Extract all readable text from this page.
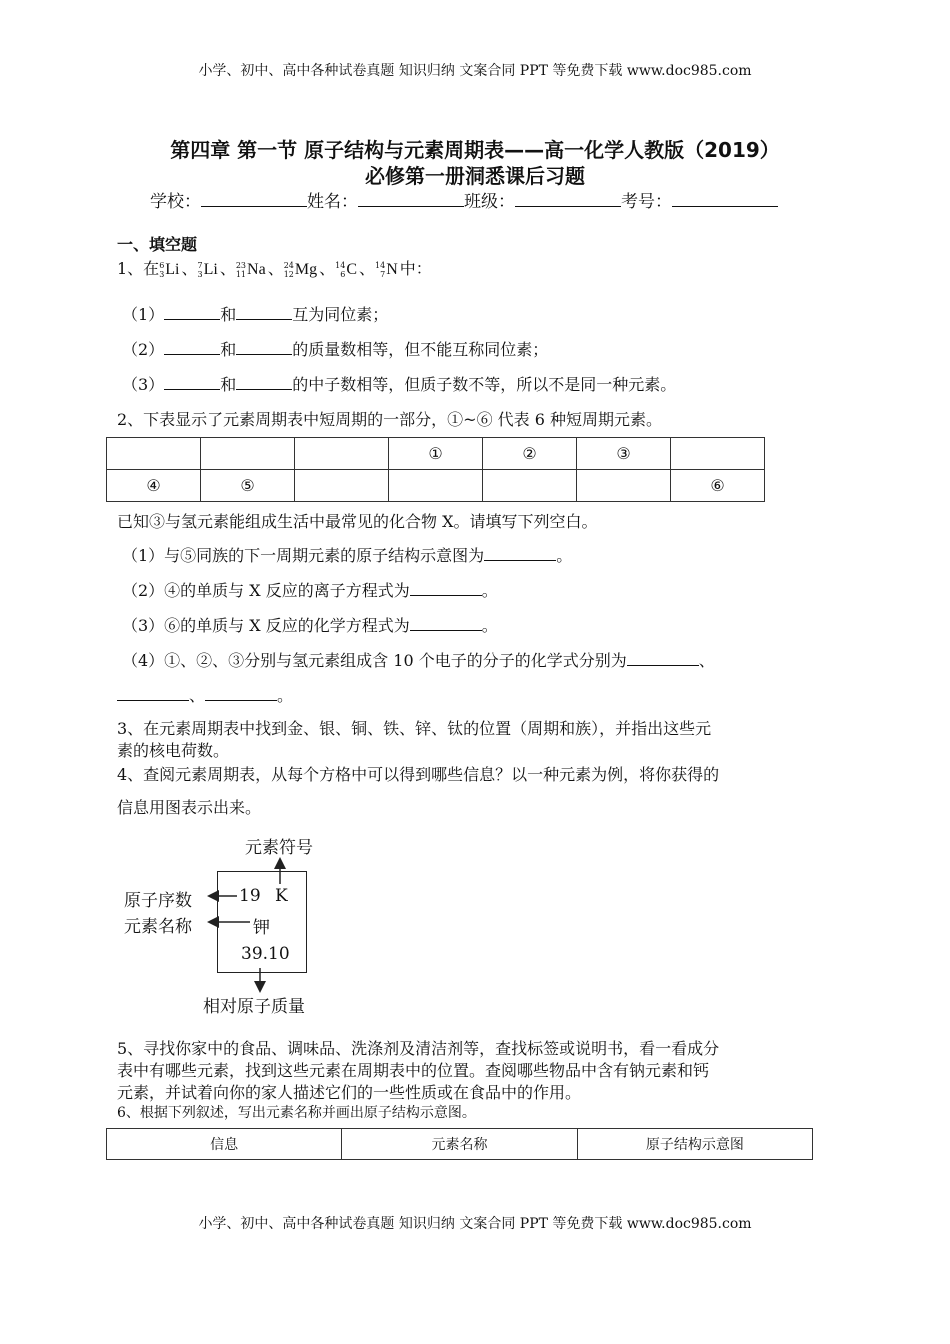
小学、初中、高中各种试卷真题 知识归纳 文案合同 PPT 等免费下载 www.doc985.com
第四章 第一节 原子结构与元素周期表——高一化学人教版（2019）
必修第一册洞悉课后习题
学校：	姓名：	班级：	考号：
一、填空题
1、在 6
3 Li 、 7
3 Li 、 23
11 Na 、 24
12 Mg 、 14
6 C 、 14
7 N 中：
（1）	和	互为同位素；
（2）	和	的质量数相等，但不能互称同位素；
（3）	和	的中子数相等，但质子数不等，所以不是同一种元素。
2、下表显示了元素周期表中短周期的一部分，①~⑥ 代表 6 种短周期元素。
			①	②	③	
④	⑤					⑥
已知③与氢元素能组成生活中最常见的化合物 X。请填写下列空白。
（1）与⑤同族的下一周期元素的原子结构示意图为	。
（2）④的单质与 X 反应的离子方程式为	。
（3）⑥的单质与 X 反应的化学方程式为	。
（4）①、②、③分别与氢元素组成含 10 个电子的分子的化学式分别为	、
、	。
3、在元素周期表中找到金、银、铜、铁、锌、钛的位置（周期和族），并指出这些元
素的核电荷数。
4、查阅元素周期表，从每个方格中可以得到哪些信息？以一种元素为例，将你获得的
信息用图表示出来。
元素符号
原子序数
元素名称
相对原子质量
19 K
钾
39.10
5、寻找你家中的食品、调味品、洗涤剂及清洁剂等，查找标签或说明书，看一看成分
表中有哪些元素，找到这些元素在周期表中的位置。查阅哪些物品中含有钠元素和钙
元素，并试着向你的家人描述它们的一些性质或在食品中的作用。
6、根据下列叙述，写出元素名称并画出原子结构示意图。
信息	元素名称	原子结构示意图
小学、初中、高中各种试卷真题 知识归纳 文案合同 PPT 等免费下载 www.doc985.com
